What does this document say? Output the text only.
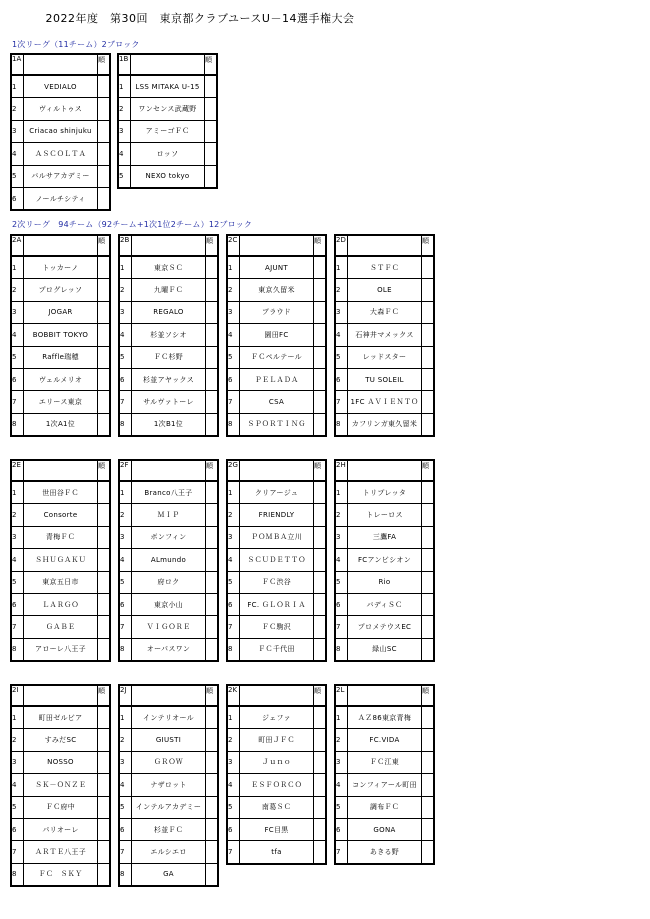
2022年度　第30回　東京都クラブユースU－14選手権大会
1次リーグ（11チーム）2ブロック
2次リーグ　94チーム（92チーム+1次1位2チーム）12ブロック
1A		順
1	VEDIALO	
2	ヴィルトゥス	
3	Criacao shinjuku	
4	ＡＳＣＯＬＴＡ	
5	バルサアカデミー	
6	ノールチシティ	
1B		順
1	LSS MITAKA U-15	
2	ワンセンス武蔵野	
3	アミーゴＦＣ	
4	ロッソ	
5	NEXO tokyo	
2A		順
1	トッカーノ	
2	プログレッソ	
3	JOGAR	
4	BOBBIT TOKYO	
5	Raffle瑞穂	
6	ヴェルメリオ	
7	エリース東京	
8	1次A1位	
2B		順
1	東京ＳＣ	
2	九曜ＦＣ	
3	REGALO	
4	杉並ソシオ	
5	ＦＣ杉野	
6	杉並アヤックス	
7	サルヴァトーレ	
8	1次B1位	
2C		順
1	AJUNT	
2	東京久留米	
3	ブラウド	
4	園田FC	
5	ＦＣペルテール	
6	ＰＥＬＡＤＡ	
7	CSA	
8	ＳＰＯＲＴＩＮＧ	
2D		順
1	ＳＴＦＣ	
2	OLE	
3	大森ＦＣ	
4	石神井マメックス	
5	レッドスター	
6	TU SOLEIL	
7	1FC ＡＶＩＥＮＴＯ	
8	カフリンガ東久留米	
2E		順
1	世田谷ＦＣ	
2	Consorte	
3	青梅ＦＣ	
4	ＳＨＵＧＡＫＵ	
5	東京五日市	
6	ＬＡＲＧＯ	
7	ＧＡＢＥ	
8	アローレ八王子	
2F		順
1	Branco八王子	
2	ＭＩＰ	
3	ボンフィン	
4	ALmundo	
5	府ロク	
6	東京小山	
7	ＶＩＧＯＲＥ	
8	オーパスワン	
2G		順
1	クリアージュ	
2	FRIENDLY	
3	ＰＯＭＢＡ立川	
4	ＳＣＵＤＥＴＴＯ	
5	ＦＣ渋谷	
6	FC. ＧＬＯＲＩＡ	
7	ＦＣ駒沢	
8	ＦＣ千代田	
2H		順
1	トリプレッタ	
2	トレーロス	
3	三鷹FA	
4	FCアンビシオン	
5	Rio	
6	バディＳＣ	
7	プロメテウスEC	
8	緑山SC	
2I		順
1	町田ゼルビア	
2	すみだSC	
3	NOSSO	
4	ＳＫ－ＯＮＺＥ	
5	ＦＣ府中	
6	パリオーレ	
7	ＡＲＴＥ八王子	
8	ＦＣ　ＳＫＹ	
2J		順
1	インテリオール	
2	GIUSTI	
3	ＧＲＯＷ	
4	ナザロット	
5	インテルアカデミー	
6	杉並ＦＣ	
7	エルシエロ	
8	GA	
2K		順
1	ジェファ	
2	町田ＪＦＣ	
3	Ｊｕｎｏ	
4	ＥＳＦＯＲＣＯ	
5	南葛ＳＣ	
6	FC目黒	
7	tfa	
2L		順
1	ＡＺ86東京青梅	
2	FC.VIDA	
3	ＦＣ江東	
4	コンフィアール町田	
5	調布ＦＣ	
6	GONA	
7	あきる野	
